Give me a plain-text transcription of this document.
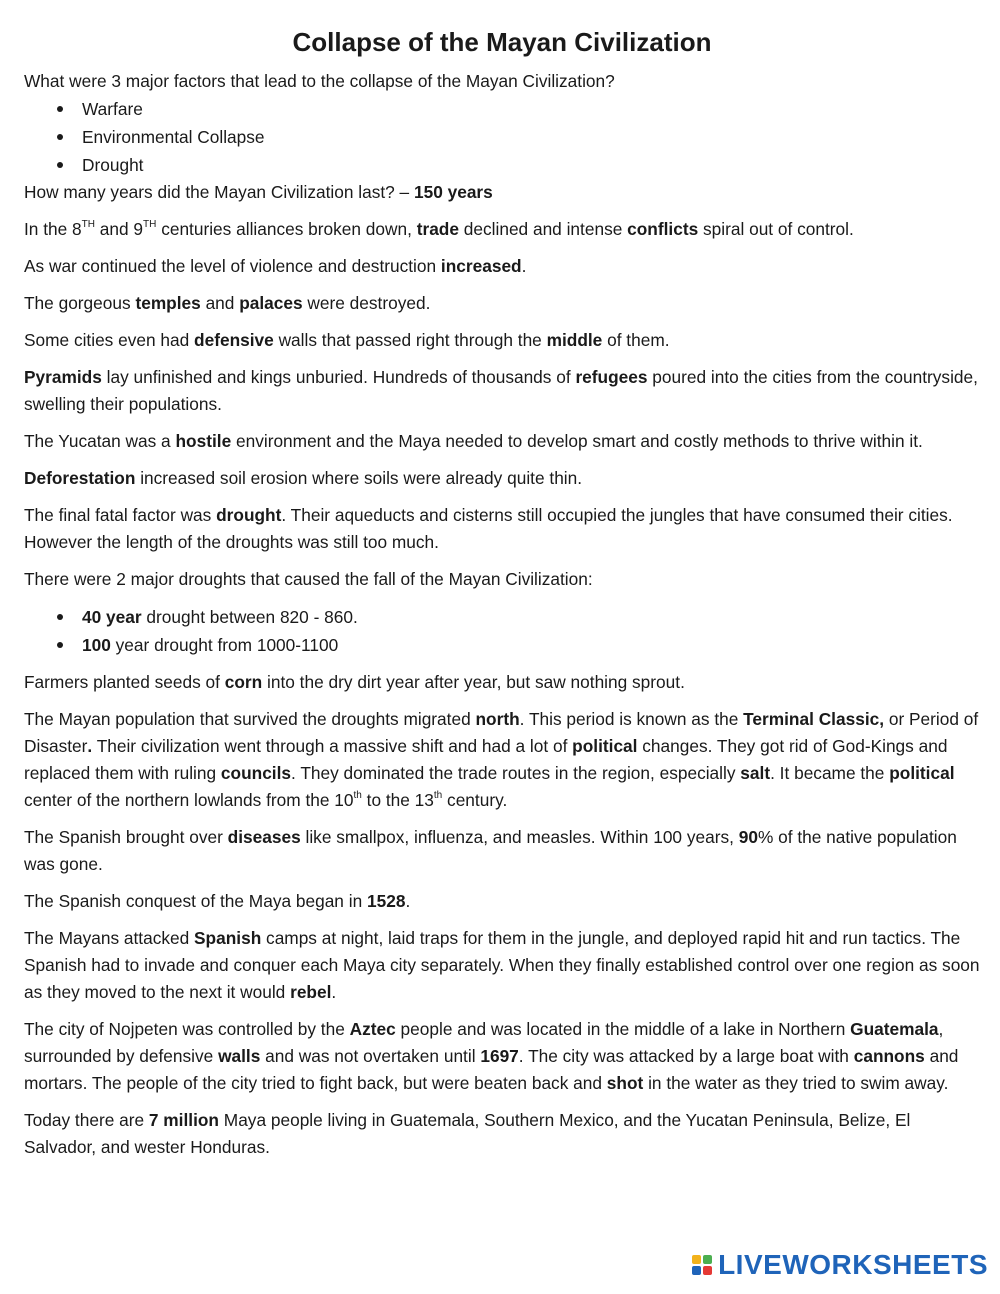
Collapse of the Mayan Civilization

What were 3 major factors that lead to the collapse of the Mayan Civilization?

Warfare
Environmental Collapse
Drought

How many years did the Mayan Civilization last? – 150 years

In the 8TH and 9TH centuries alliances broken down, trade declined and intense conflicts spiral out of control.

As war continued the level of violence and destruction increased.

The gorgeous temples and palaces were destroyed.

Some cities even had defensive walls that passed right through the middle of them.

Pyramids lay unfinished and kings unburied. Hundreds of thousands of refugees poured into the cities from the countryside, swelling their populations.

The Yucatan was a hostile environment and the Maya needed to develop smart and costly methods to thrive within it.

Deforestation increased soil erosion where soils were already quite thin.

The final fatal factor was drought. Their aqueducts and cisterns still occupied the jungles that have consumed their cities. However the length of the droughts was still too much.

There were 2 major droughts that caused the fall of the Mayan Civilization:

40 year drought between 820 - 860.
100 year drought from 1000-1100

Farmers planted seeds of corn into the dry dirt year after year, but saw nothing sprout.

The Mayan population that survived the droughts migrated north. This period is known as the Terminal Classic, or Period of Disaster. Their civilization went through a massive shift and had a lot of political changes. They got rid of God-Kings and replaced them with ruling councils. They dominated the trade routes in the region, especially salt. It became the political center of the northern lowlands from the 10th to the 13th century.

The Spanish brought over diseases like smallpox, influenza, and measles. Within 100 years, 90% of the native population was gone.

The Spanish conquest of the Maya began in 1528.

The Mayans attacked Spanish camps at night, laid traps for them in the jungle, and deployed rapid hit and run tactics. The Spanish had to invade and conquer each Maya city separately. When they finally established control over one region as soon as they moved to the next it would rebel.

The city of Nojpeten was controlled by the Aztec people and was located in the middle of a lake in Northern Guatemala, surrounded by defensive walls and was not overtaken until 1697. The city was attacked by a large boat with cannons and mortars. The people of the city tried to fight back, but were beaten back and shot in the water as they tried to swim away.

Today there are 7 million Maya people living in Guatemala, Southern Mexico, and the Yucatan Peninsula, Belize, El Salvador, and wester Honduras.

LIVEWORKSHEETS
